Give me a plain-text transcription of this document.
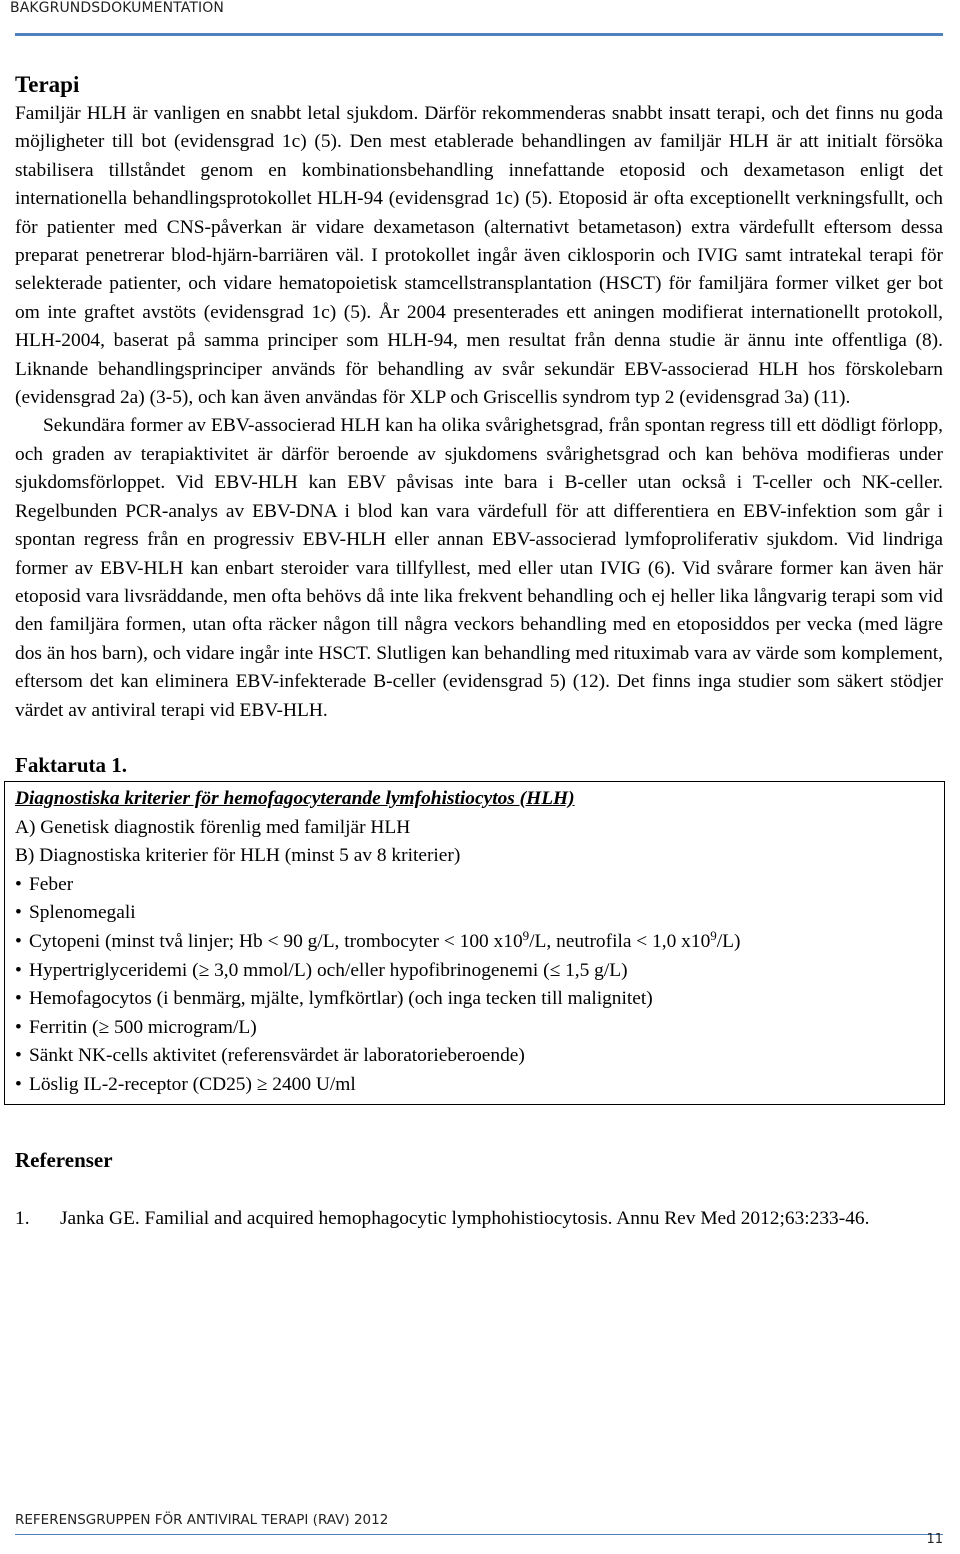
BAKGRUNDSDOKUMENTATION
Terapi

Familjär HLH är vanligen en snabbt letal sjukdom. Därför rekommenderas snabbt insatt terapi, och det finns nu goda möjligheter till bot (evidensgrad 1c) (5). Den mest etablerade behandlingen av familjär HLH är att initialt försöka stabilisera tillståndet genom en kombinationsbehandling innefattande etoposid och dexametason enligt det internationella behandlingsprotokollet HLH-94 (evidensgrad 1c) (5). Etoposid är ofta exceptionellt verkningsfullt, och för patienter med CNS-påverkan är vidare dexametason (alternativt betametason) extra värdefullt eftersom dessa preparat penetrerar blod-hjärn-barriären väl. I protokollet ingår även ciklosporin och IVIG samt intratekal terapi för selekterade patienter, och vidare hematopoietisk stamcellstransplantation (HSCT) för familjära former vilket ger bot om inte graftet avstöts (evidensgrad 1c) (5). År 2004 presenterades ett aningen modifierat internationellt protokoll, HLH-2004, baserat på samma principer som HLH-94, men resultat från denna studie är ännu inte offentliga (8). Liknande behandlingsprinciper används för behandling av svår sekundär EBV-associerad HLH hos förskolebarn (evidensgrad 2a) (3-5), och kan även användas för XLP och Griscellis syndrom typ 2 (evidensgrad 3a) (11).

Sekundära former av EBV-associerad HLH kan ha olika svårighetsgrad, från spontan regress till ett dödligt förlopp, och graden av terapiaktivitet är därför beroende av sjukdomens svårighetsgrad och kan behöva modifieras under sjukdomsförloppet. Vid EBV-HLH kan EBV påvisas inte bara i B-celler utan också i T-celler och NK-celler. Regelbunden PCR-analys av EBV-DNA i blod kan vara värdefull för att differentiera en EBV-infektion som går i spontan regress från en progressiv EBV-HLH eller annan EBV-associerad lymfoproliferativ sjukdom. Vid lindriga former av EBV-HLH kan enbart steroider vara tillfyllest, med eller utan IVIG (6). Vid svårare former kan även här etoposid vara livsräddande, men ofta behövs då inte lika frekvent behandling och ej heller lika långvarig terapi som vid den familjära formen, utan ofta räcker någon till några veckors behandling med en etoposiddos per vecka (med lägre dos än hos barn), och vidare ingår inte HSCT. Slutligen kan behandling med rituximab vara av värde som komplement, eftersom det kan eliminera EBV-infekterade B-celler (evidensgrad 5) (12). Det finns inga studier som säkert stödjer värdet av antiviral terapi vid EBV-HLH.

Faktaruta 1.
Diagnostiska kriterier för hemofagocyterande lymfohistiocytos (HLH)
A) Genetisk diagnostik förenlig med familjär HLH
B) Diagnostiska kriterier för HLH (minst 5 av 8 kriterier)
• Feber
• Splenomegali
• Cytopeni (minst två linjer; Hb < 90 g/L, trombocyter < 100 $x10^9/L$, neutrofila < 1,0 $x10^9/L$)
• Hypertriglyceridemi (≥ 3,0 mmol/L) och/eller hypofibrinogenemi (≤ 1,5 g/L)
• Hemofagocytos (i benmärg, mjälte, lymfkörtlar) (och inga tecken till malignitet)
• Ferritin (≥ 500 microgram/L)
• Sänkt NK-cells aktivitet (referensvärdet är laboratorieberoende)
• Löslig IL-2-receptor (CD25) ≥ 2400 U/ml
Referenser
1.	Janka GE. Familial and acquired hemophagocytic lymphohistiocytosis. Annu Rev Med 2012;63:233-46.
REFERENSGRUPPEN FÖR ANTIVIRAL TERAPI (RAV) 2012
11
